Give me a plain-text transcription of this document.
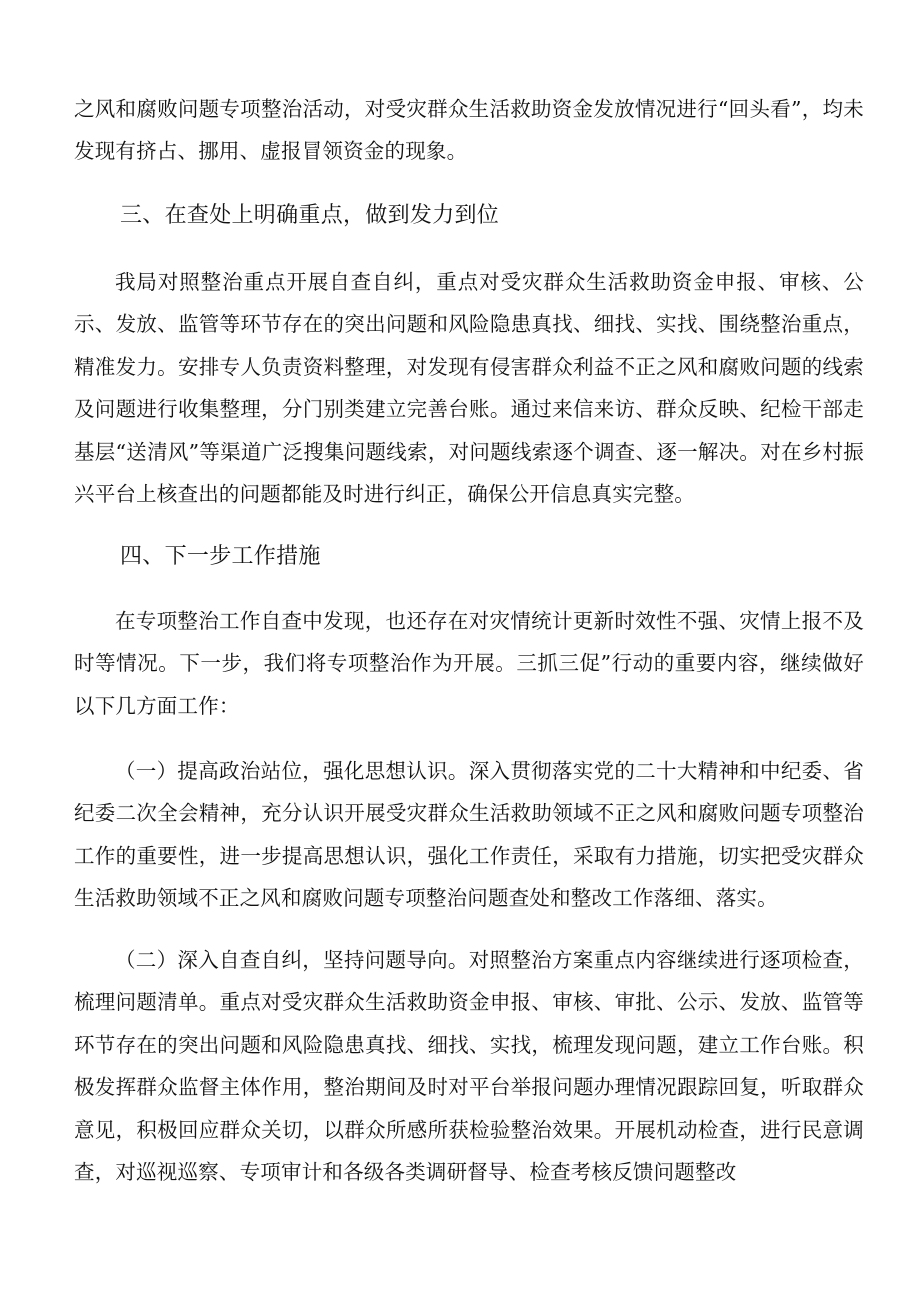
之风和腐败问题专项整治活动，对受灾群众生活救助资金发放情况进行“回头看”，均未发现有挤占、挪用、虚报冒领资金的现象。

三、在查处上明确重点，做到发力到位

我局对照整治重点开展自查自纠，重点对受灾群众生活救助资金申报、审核、公示、发放、监管等环节存在的突出问题和风险隐患真找、细找、实找、围绕整治重点，精准发力。安排专人负责资料整理，对发现有侵害群众利益不正之风和腐败问题的线索及问题进行收集整理，分门别类建立完善台账。通过来信来访、群众反映、纪检干部走基层“送清风”等渠道广泛搜集问题线索，对问题线索逐个调查、逐一解决。对在乡村振兴平台上核查出的问题都能及时进行纠正，确保公开信息真实完整。

四、下一步工作措施

在专项整治工作自查中发现，也还存在对灾情统计更新时效性不强、灾情上报不及时等情况。下一步，我们将专项整治作为开展。三抓三促”行动的重要内容，继续做好以下几方面工作：

（一）提高政治站位，强化思想认识。深入贯彻落实党的二十大精神和中纪委、省纪委二次全会精神，充分认识开展受灾群众生活救助领域不正之风和腐败问题专项整治工作的重要性，进一步提高思想认识，强化工作责任，采取有力措施，切实把受灾群众生活救助领域不正之风和腐败问题专项整治问题查处和整改工作落细、落实。

（二）深入自查自纠，坚持问题导向。对照整治方案重点内容继续进行逐项检查，梳理问题清单。重点对受灾群众生活救助资金申报、审核、审批、公示、发放、监管等环节存在的突出问题和风险隐患真找、细找、实找，梳理发现问题，建立工作台账。积极发挥群众监督主体作用，整治期间及时对平台举报问题办理情况跟踪回复，听取群众意见，积极回应群众关切，以群众所感所获检验整治效果。开展机动检查，进行民意调查，对巡视巡察、专项审计和各级各类调研督导、检查考核反馈问题整改
